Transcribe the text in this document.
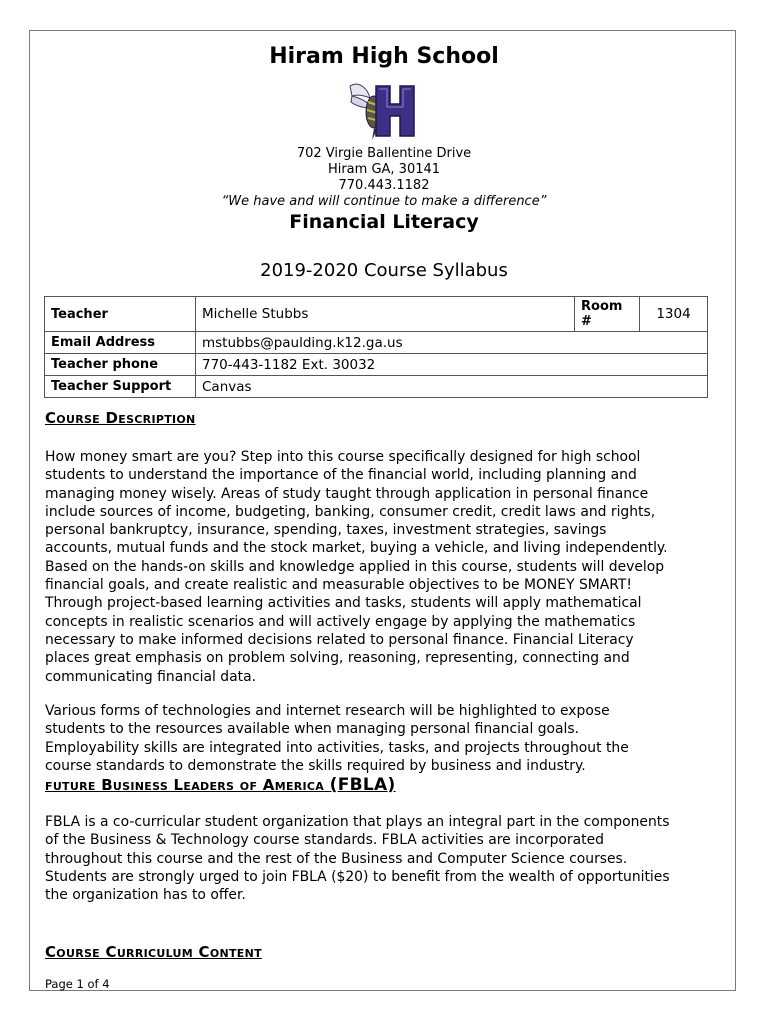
Hiram High School
702 Virgie Ballentine Drive
Hiram GA, 30141
770.443.1182
“We have and will continue to make a difference”
Financial Literacy
2019-2020 Course Syllabus
Teacher	Michelle Stubbs	Room #	1304
Email Address	mstubbs@paulding.k12.ga.us		
Teacher phone	770-443-1182 Ext. 30032		
Teacher Support	Canvas		
Course Description
How money smart are you? Step into this course specifically designed for high school
students to understand the importance of the financial world, including planning and
managing money wisely. Areas of study taught through application in personal finance
include sources of income, budgeting, banking, consumer credit, credit laws and rights,
personal bankruptcy, insurance, spending, taxes, investment strategies, savings
accounts, mutual funds and the stock market, buying a vehicle, and living independently.
Based on the hands-on skills and knowledge applied in this course, students will develop
financial goals, and create realistic and measurable objectives to be MONEY SMART!
Through project-based learning activities and tasks, students will apply mathematical
concepts in realistic scenarios and will actively engage by applying the mathematics
necessary to make informed decisions related to personal finance. Financial Literacy
places great emphasis on problem solving, reasoning, representing, connecting and
communicating financial data.
Various forms of technologies and internet research will be highlighted to expose
students to the resources available when managing personal financial goals.
Employability skills are integrated into activities, tasks, and projects throughout the
course standards to demonstrate the skills required by business and industry.
future Business Leaders of America (FBLA)
FBLA is a co-curricular student organization that plays an integral part in the components
of the Business & Technology course standards. FBLA activities are incorporated
throughout this course and the rest of the Business and Computer Science courses.
Students are strongly urged to join FBLA ($20) to benefit from the wealth of opportunities
the organization has to offer.
Course Curriculum Content
Page 1 of 4
